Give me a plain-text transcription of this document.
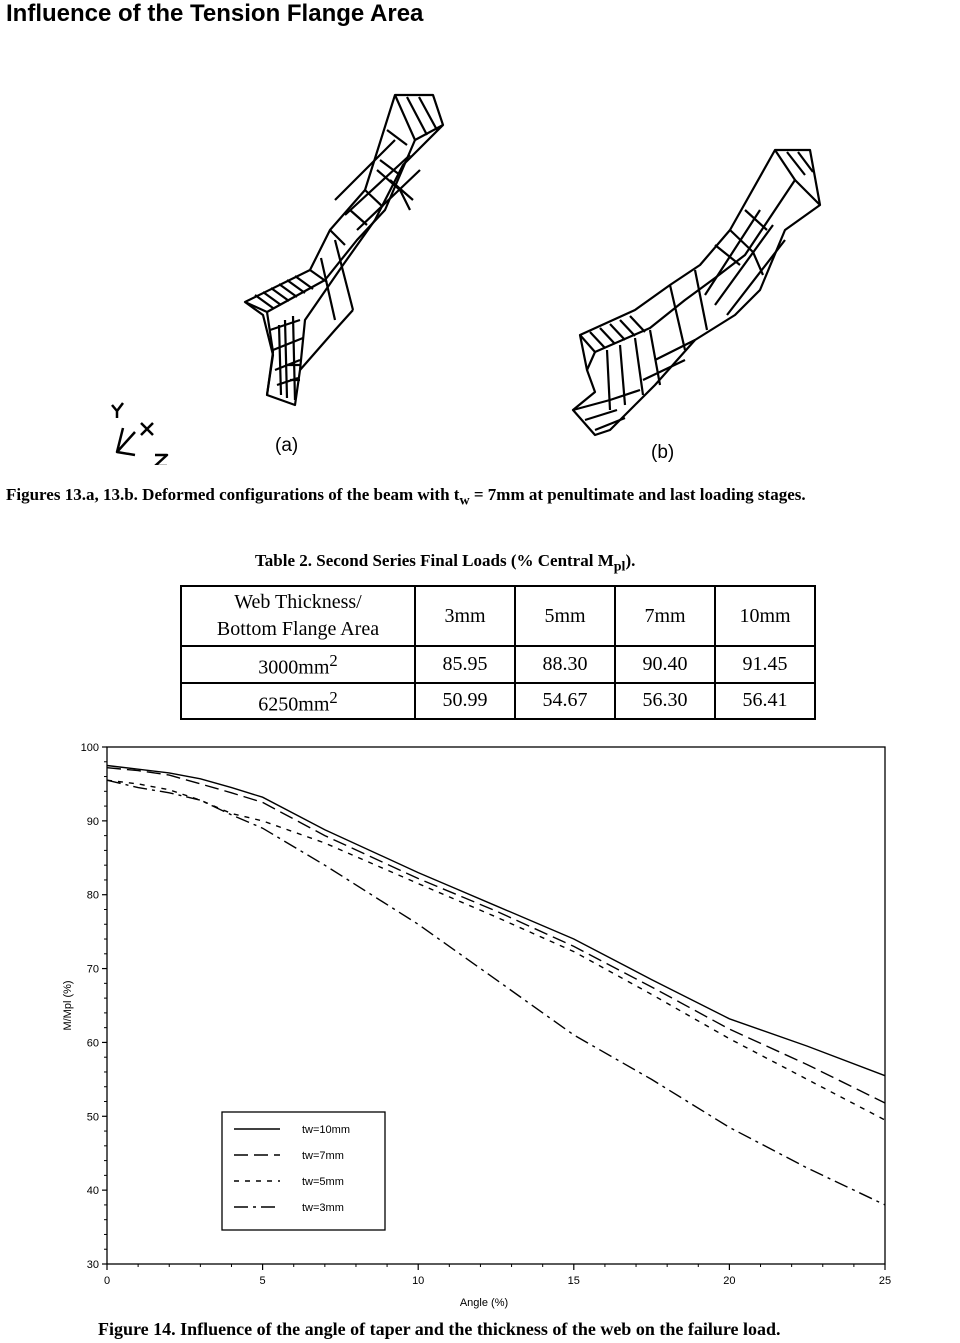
Influence of the Tension Flange Area
(a)	(b)
Figures 13.a, 13.b. Deformed configurations of the beam with $t_w = 7mm$ at penultimate and last loading stages.
Table 2. Second Series Final Loads (% Central $M_{pl}$).
Web Thickness/
Bottom Flange Area	3mm	5mm	7mm	10mm
$3000mm^2$	85.95	88.30	90.40	91.45
$6250mm^2$	50.99	54.67	56.30	56.41
30
40
50
60
70
80
90
100
0	5	10	15	20	25
Angle (%)
M/Mpl (%)
tw=10mm
tw=7mm
tw=5mm
tw=3mm
Figure 14. Influence of the angle of taper and the thickness of the web on the failure load.
